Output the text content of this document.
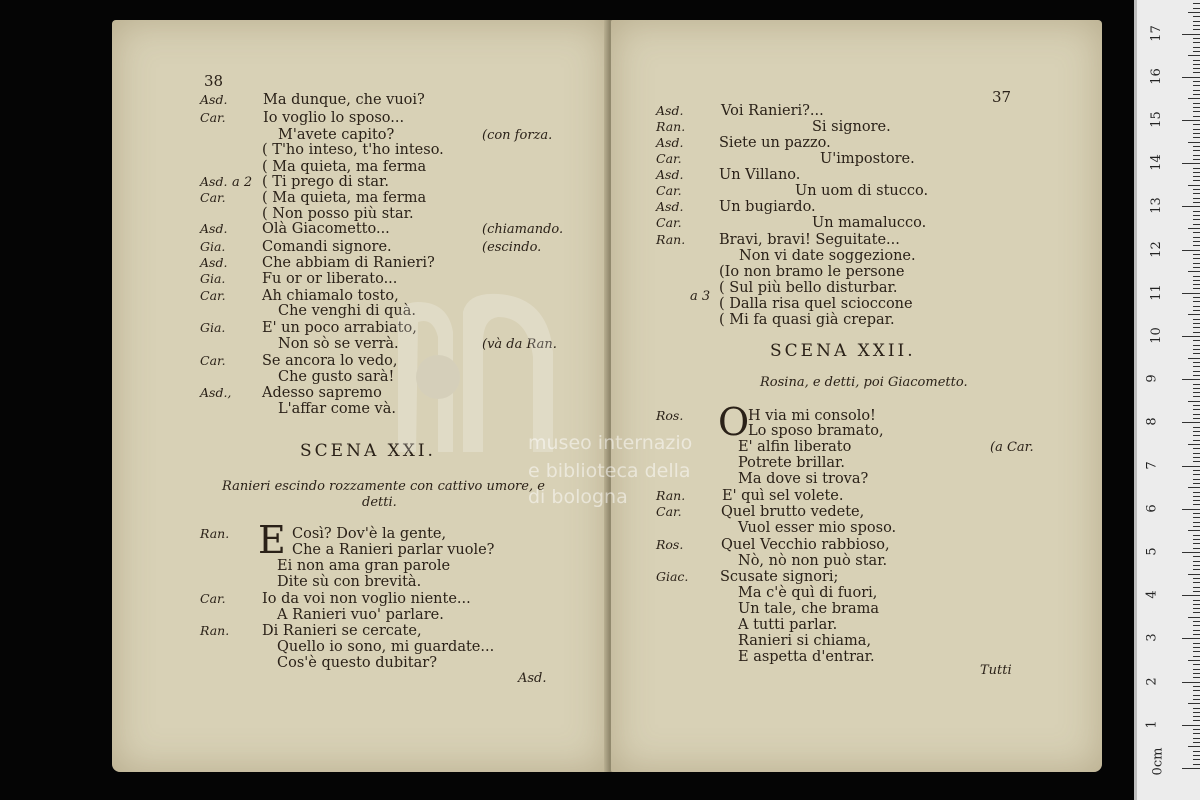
38
Asd. Ma dunque, che vuoi?
Car.	Io voglio lo sposo...
M'avete capito?	(con forza.
( T'ho inteso, t'ho inteso.
( Ma quieta, ma ferma
Asd. ( Ti prego di star.
Car.	( Ma quieta, ma ferma
( Non posso più star.
Asd. Olà Giacometto...	(chiamando.
Gia.	Comandi signore.	(escindo.
Asd. Che abbiam di Ranieri?
Gia.	Fu or or liberato...
Car.	Ah chiamalo tosto,
Che venghi di quà.
Gia.	E' un poco arrabiato,
Non sò se verrà.	(và da Ran.
Car.	Se ancora lo vedo,
Che gusto sarà!
Asd., Adesso sapremo
L'affar come và.
a 2
SCENA XXI.
Ranieri escindo rozzamente con cattivo umore, e
detti.
Ran. E Così? Dov'è la gente,
Che a Ranieri parlar vuole?
Ei non ama gran parole
Dite sù con brevità.
Car.	Io da voi non voglio niente...
A Ranieri vuo' parlare.
Ran. Di Ranieri se cercate,
Quello io sono, mi guardate...
Cos'è questo dubitar?
Asd.
37
Asd.	Voi Ranieri?...
Ran.	Si signore.
Asd. Siete un pazzo.
Car.	U'impostore.
Asd. Un Villano.
Car.	Un uom di stucco.
Asd. Un bugiardo.
Car.	Un mamalucco.
Ran. Bravi, bravi! Seguitate...
Non vi date soggezione.
(Io non bramo le persone
( Sul più bello disturbar.
( Dalla risa quel scioccone
( Mi fa quasi già crepar.
a 3
SCENA XXII.
Rosina, e detti, poi Giacometto.
Ros. O
H via mi consolo!
Lo sposo bramato,
E' alfin liberato	(a Car.
Potrete brillar.
Ma dove si trova?
Ran.	E' quì sel volete.
Car.	Quel brutto vedete,
Vuol esser mio sposo.
Ros.	Quel Vecchio rabbioso,
Nò, nò non può star.
Giac. Scusate signori;
Ma c'è quì di fuori,
Un tale, che brama
A tutti parlar.
Ranieri si chiama,
E aspetta d'entrar.
Tutti
museo internazio
e biblioteca della
di bologna
0cm
1
2
3
4
5
6
7
8
9
10
11
12
13
14
15
16
17
